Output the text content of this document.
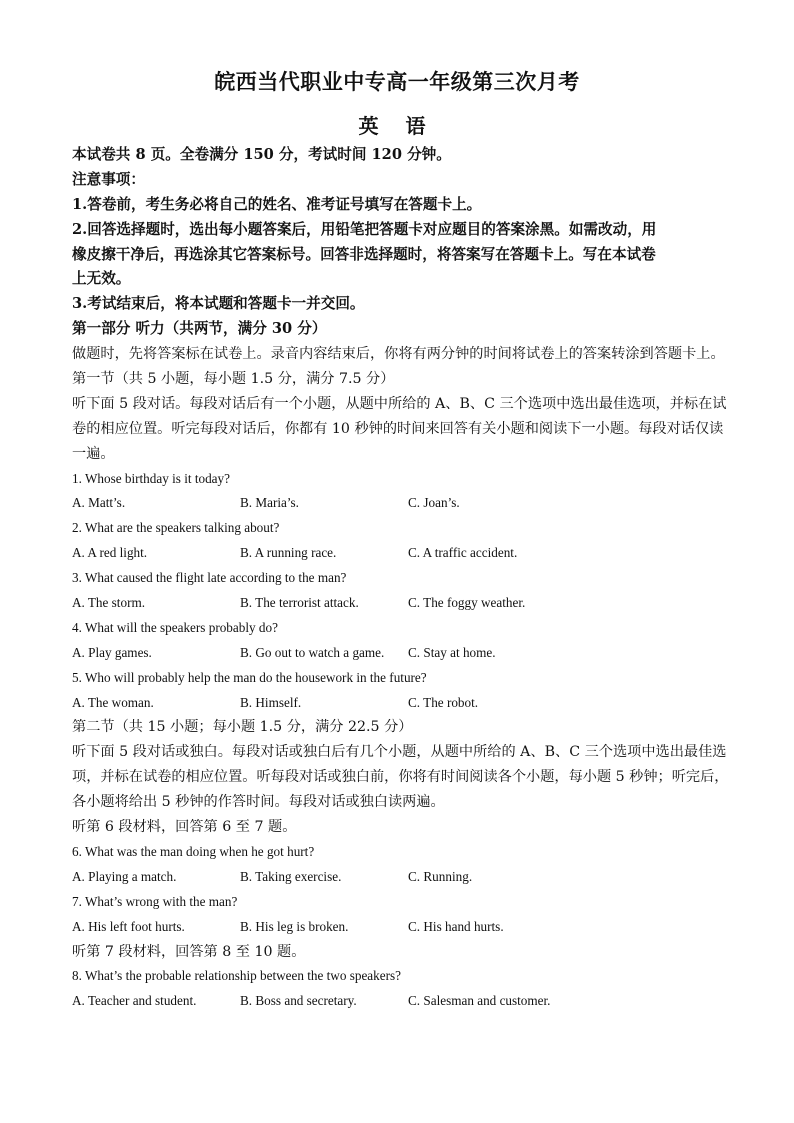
皖西当代职业中专高一年级第三次月考
英 语
本试卷共 8 页。全卷满分 150 分，考试时间 120 分钟。
注意事项：
1.答卷前，考生务必将自己的姓名、准考证号填写在答题卡上。
2.回答选择题时，选出每小题答案后，用铅笔把答题卡对应题目的答案涂黑。如需改动，用
橡皮擦干净后，再选涂其它答案标号。回答非选择题时，将答案写在答题卡上。写在本试卷
上无效。
3.考试结束后，将本试题和答题卡一并交回。
第一部分 听力（共两节，满分 30 分）
做题时，先将答案标在试卷上。录音内容结束后，你将有两分钟的时间将试卷上的答案转涂到答题卡上。
第一节（共 5 小题，每小题 1.5 分，满分 7.5 分）
听下面 5 段对话。每段对话后有一个小题，从题中所给的 A、B、C 三个选项中选出最佳选项，并标在试
卷的相应位置。听完每段对话后，你都有 10 秒钟的时间来回答有关小题和阅读下一小题。每段对话仅读
一遍。
1. Whose birthday is it today?
A. Matt’s.	B. Maria’s.	C. Joan’s.
2. What are the speakers talking about?
A. A red light.	B. A running race.	C. A traffic accident.
3. What caused the flight late according to the man?
A. The storm.	B. The terrorist attack.	C. The foggy weather.
4. What will the speakers probably do?
A. Play games.	B. Go out to watch a game. C. Stay at home.
5. Who will probably help the man do the housework in the future?
A. The woman.	B. Himself.	C. The robot.
第二节（共 15 小题；每小题 1.5 分，满分 22.5 分）
听下面 5 段对话或独白。每段对话或独白后有几个小题，从题中所给的 A、B、C 三个选项中选出最佳选
项，并标在试卷的相应位置。听每段对话或独白前，你将有时间阅读各个小题，每小题 5 秒钟；听完后，
各小题将给出 5 秒钟的作答时间。每段对话或独白读两遍。
听第 6 段材料，回答第 6 至 7 题。
6. What was the man doing when he got hurt?
A. Playing a match.	B. Taking exercise.	C. Running.
7. What’s wrong with the man?
A. His left foot hurts.	B. His leg is broken.	C. His hand hurts.
听第 7 段材料，回答第 8 至 10 题。
8. What’s the probable relationship between the two speakers?
A. Teacher and student.	B. Boss and secretary.	C. Salesman and customer.
